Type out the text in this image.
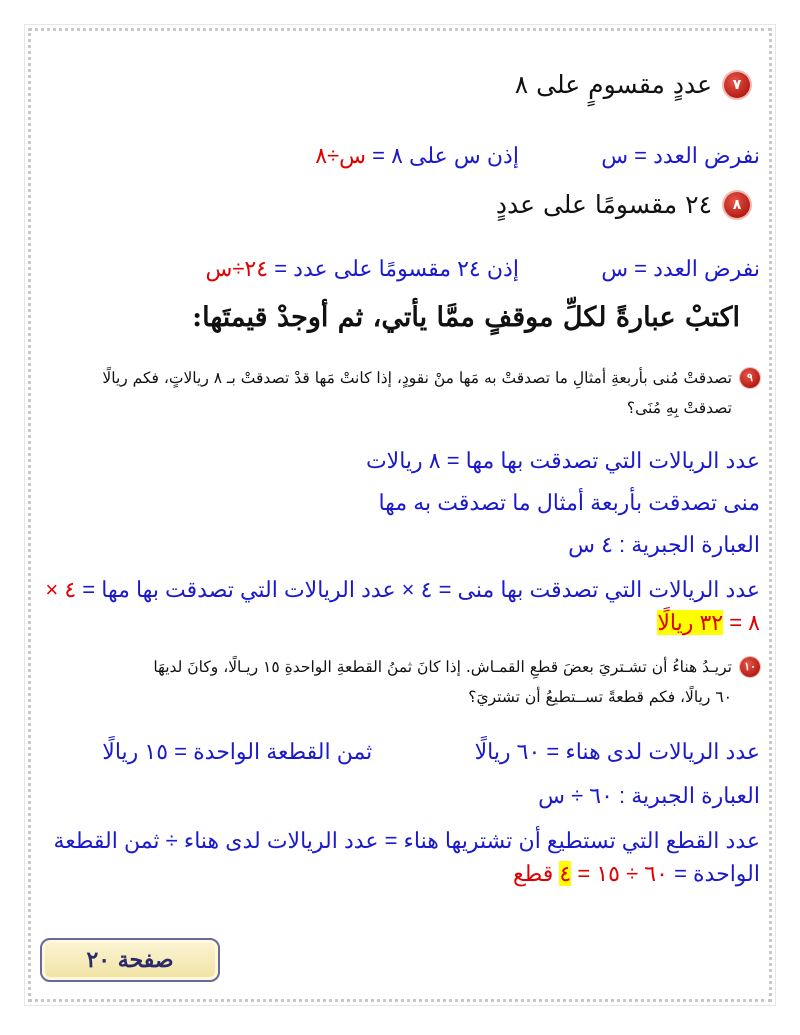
٧
عددٍ مقسومٍ على ٨
نفرض العدد = س  إذن س على ٨ = س÷٨
٨
٢٤ مقسومًا على عددٍ
نفرض العدد = س  إذن ٢٤ مقسومًا على عدد = ٢٤÷س
اكتبْ عبارةً لكلِّ موقفٍ ممَّا يأتي، ثم أوجدْ قيمتَها:
٩
تصدقتْ مُنى بأربعةِ أمثالِ ما تصدقتْ به مَها منْ نقودٍ، إذا كانتْ مَها قدْ تصدقتْ بـ ٨ ريالاتٍ، فكم ريالًا
تصدقتْ بِهِ مُنَى؟
عدد الريالات التي تصدقت بها مها = ٨ ريالات
منى تصدقت بأربعة أمثال ما تصدقت به مها
العبارة الجبرية : ٤ س
عدد الريالات التي تصدقت بها منى = ٤ × عدد الريالات التي تصدقت بها مها = ٤ × ٨ = ٣٢ ريالًا
١٠
تريـدُ هناءُ أن تشـتريَ بعضَ قطعِ القمـاش. إذا كانَ ثمنُ القطعةِ الواحدةِ ١٥ ريـالًا، وكانَ لديهَا
٦٠ ريالًا، فكم قطعةً تســتطيعُ أن تشتريَ؟
عدد الريالات لدى هناء = ٦٠ ريالًا  ثمن القطعة الواحدة = ١٥ ريالًا
العبارة الجبرية : ٦٠ ÷ س
عدد القطع التي تستطيع أن تشتريها هناء = عدد الريالات لدى هناء ÷ ثمن القطعة الواحدة = ٦٠ ÷ ١٥ = ٤ قطع
صفحة ٢٠
